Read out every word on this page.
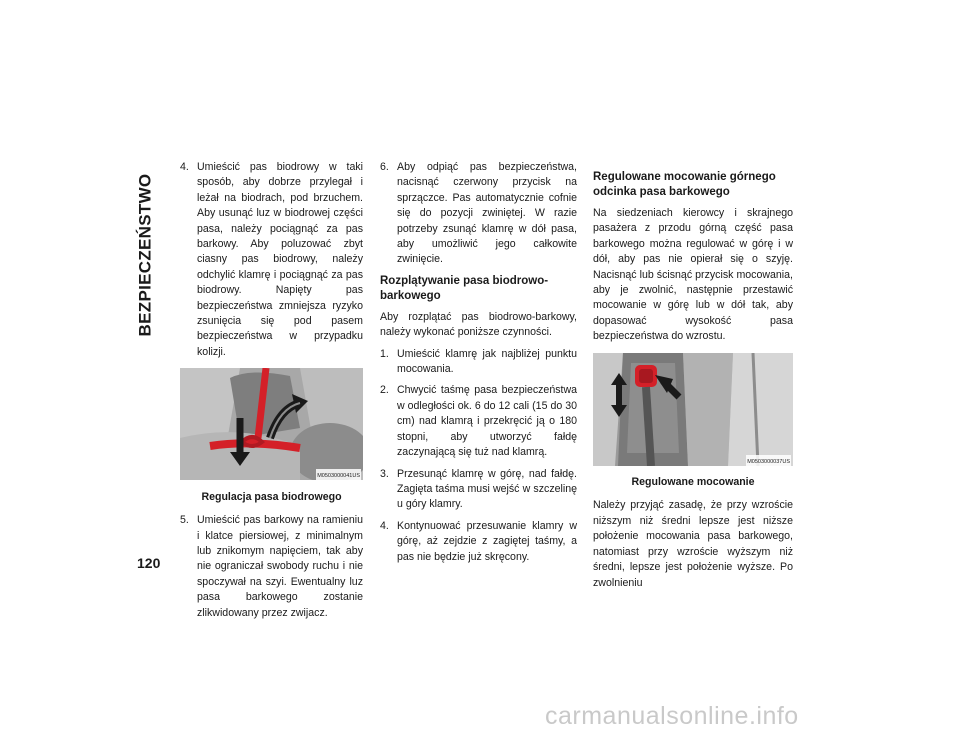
BEZPIECZEŃSTWO
120
4. Umieścić pas biodrowy w taki sposób, aby dobrze przylegał i leżał na biodrach, pod brzuchem. Aby usunąć luz w biodrowej części pasa, należy pociągnąć za pas barkowy. Aby poluzować zbyt ciasny pas biodrowy, należy odchylić klamrę i pociągnąć za pas biodrowy. Napięty pas bezpieczeństwa zmniejsza ryzyko zsunięcia się pod pasem bezpieczeństwa w przypadku kolizji.
M0503000041US
Regulacja pasa biodrowego
5. Umieścić pas barkowy na ramieniu i klatce piersiowej, z minimalnym lub znikomym napięciem, tak aby nie ograniczał swobody ruchu i nie spoczywał na szyi. Ewentualny luz pasa barkowego zostanie zlikwidowany przez zwijacz.
6. Aby odpiąć pas bezpieczeństwa, nacisnąć czerwony przycisk na sprzączce. Pas automatycznie cofnie się do pozycji zwiniętej. W razie potrzeby zsunąć klamrę w dół pasa, aby umożliwić jego całkowite zwinięcie.
Rozplątywanie pasa biodrowo-barkowego

Aby rozplątać pas biodrowo-barkowy, należy wykonać poniższe czynności.

1. Umieścić klamrę jak najbliżej punktu mocowania.
2. Chwycić taśmę pasa bezpieczeństwa w odległości ok. 6 do 12 cali (15 do 30 cm) nad klamrą i przekręcić ją o 180 stopni, aby utworzyć fałdę zaczynającą się tuż nad klamrą.
3. Przesunąć klamrę w górę, nad fałdę. Zagięta taśma musi wejść w szczelinę u góry klamry.
4. Kontynuować przesuwanie klamry w górę, aż zejdzie z zagiętej taśmy, a pas nie będzie już skręcony.
Regulowane mocowanie górnego odcinka pasa barkowego

Na siedzeniach kierowcy i skrajnego pasażera z przodu górną część pasa barkowego można regulować w górę i w dół, aby pas nie opierał się o szyję. Nacisnąć lub ścisnąć przycisk mocowania, aby je zwolnić, następnie przestawić mocowanie w górę lub w dół tak, aby dopasować wysokość pasa bezpieczeństwa do wzrostu.

M0503000037US
Regulowane mocowanie

Należy przyjąć zasadę, że przy wzroście niższym niż średni lepsze jest niższe położenie mocowania pasa barkowego, natomiast przy wzroście wyższym niż średni, lepsze jest położenie wyższe. Po zwolnieniu

carmanualsonline.info
